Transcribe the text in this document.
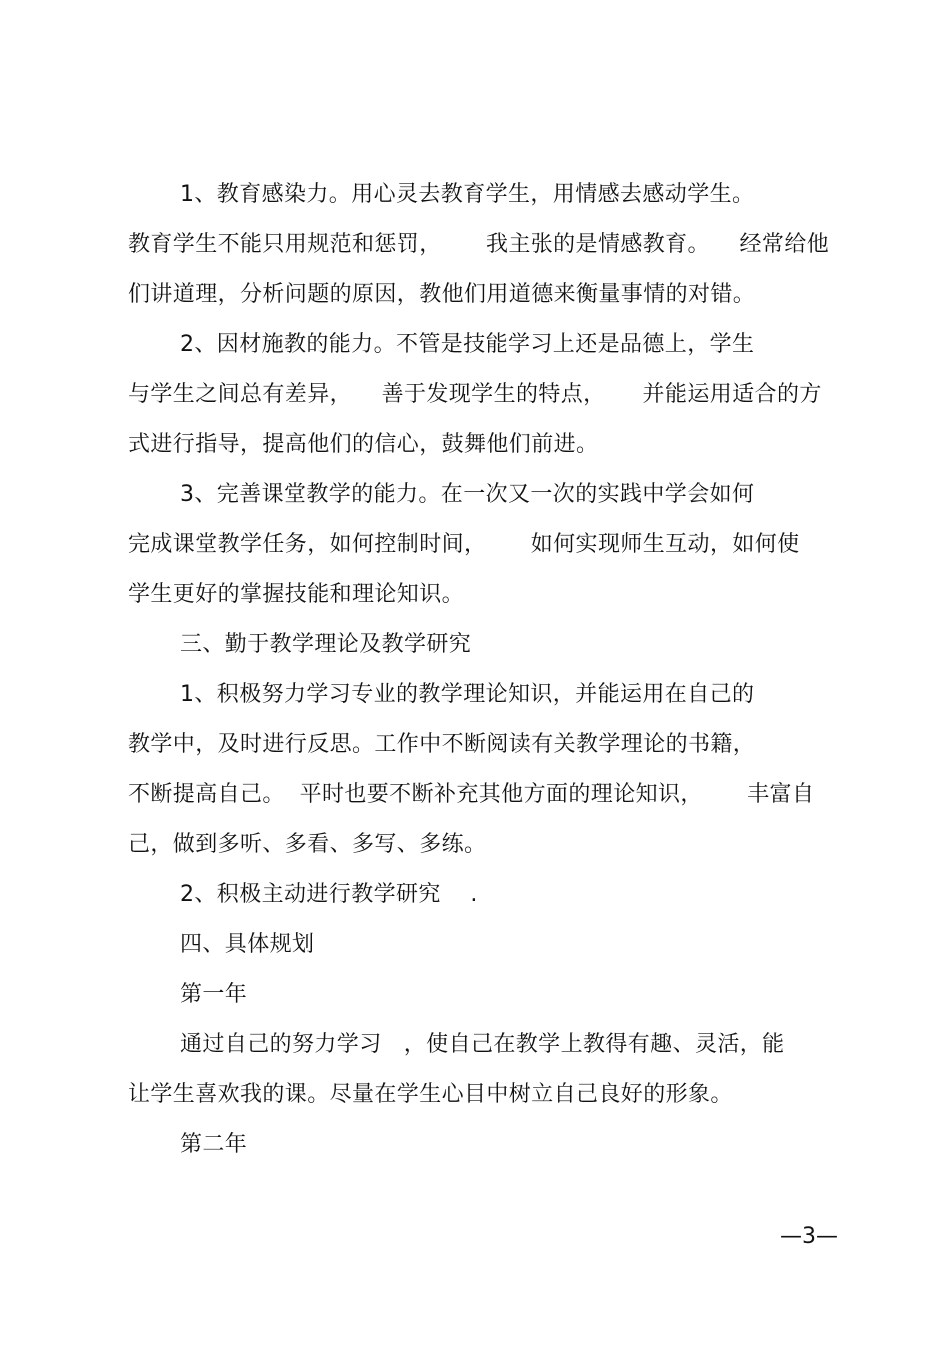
1、教育感染力。用心灵去教育学生，用情感去感动学生。
教育学生不能只用规范和惩罚，      我主张的是情感教育。    经常给他
们讲道理，分析问题的原因，教他们用道德来衡量事情的对错。
2、因材施教的能力。不管是技能学习上还是品德上，学生
与学生之间总有差异，    善于发现学生的特点，     并能运用适合的方
式进行指导，提高他们的信心，鼓舞他们前进。
3、完善课堂教学的能力。在一次又一次的实践中学会如何
完成课堂教学任务，如何控制时间，      如何实现师生互动，如何使
学生更好的掌握技能和理论知识。
三、勤于教学理论及教学研究
1、积极努力学习专业的教学理论知识，并能运用在自己的
教学中，及时进行反思。工作中不断阅读有关教学理论的书籍，
不断提高自己。  平时也要不断补充其他方面的理论知识，      丰富自
己，做到多听、多看、多写、多练。
2、积极主动进行教学研究    .
四、具体规划
第一年
通过自己的努力学习   ，使自己在教学上教得有趣、灵活，能
让学生喜欢我的课。尽量在学生心目中树立自己良好的形象。
第二年
—3—
